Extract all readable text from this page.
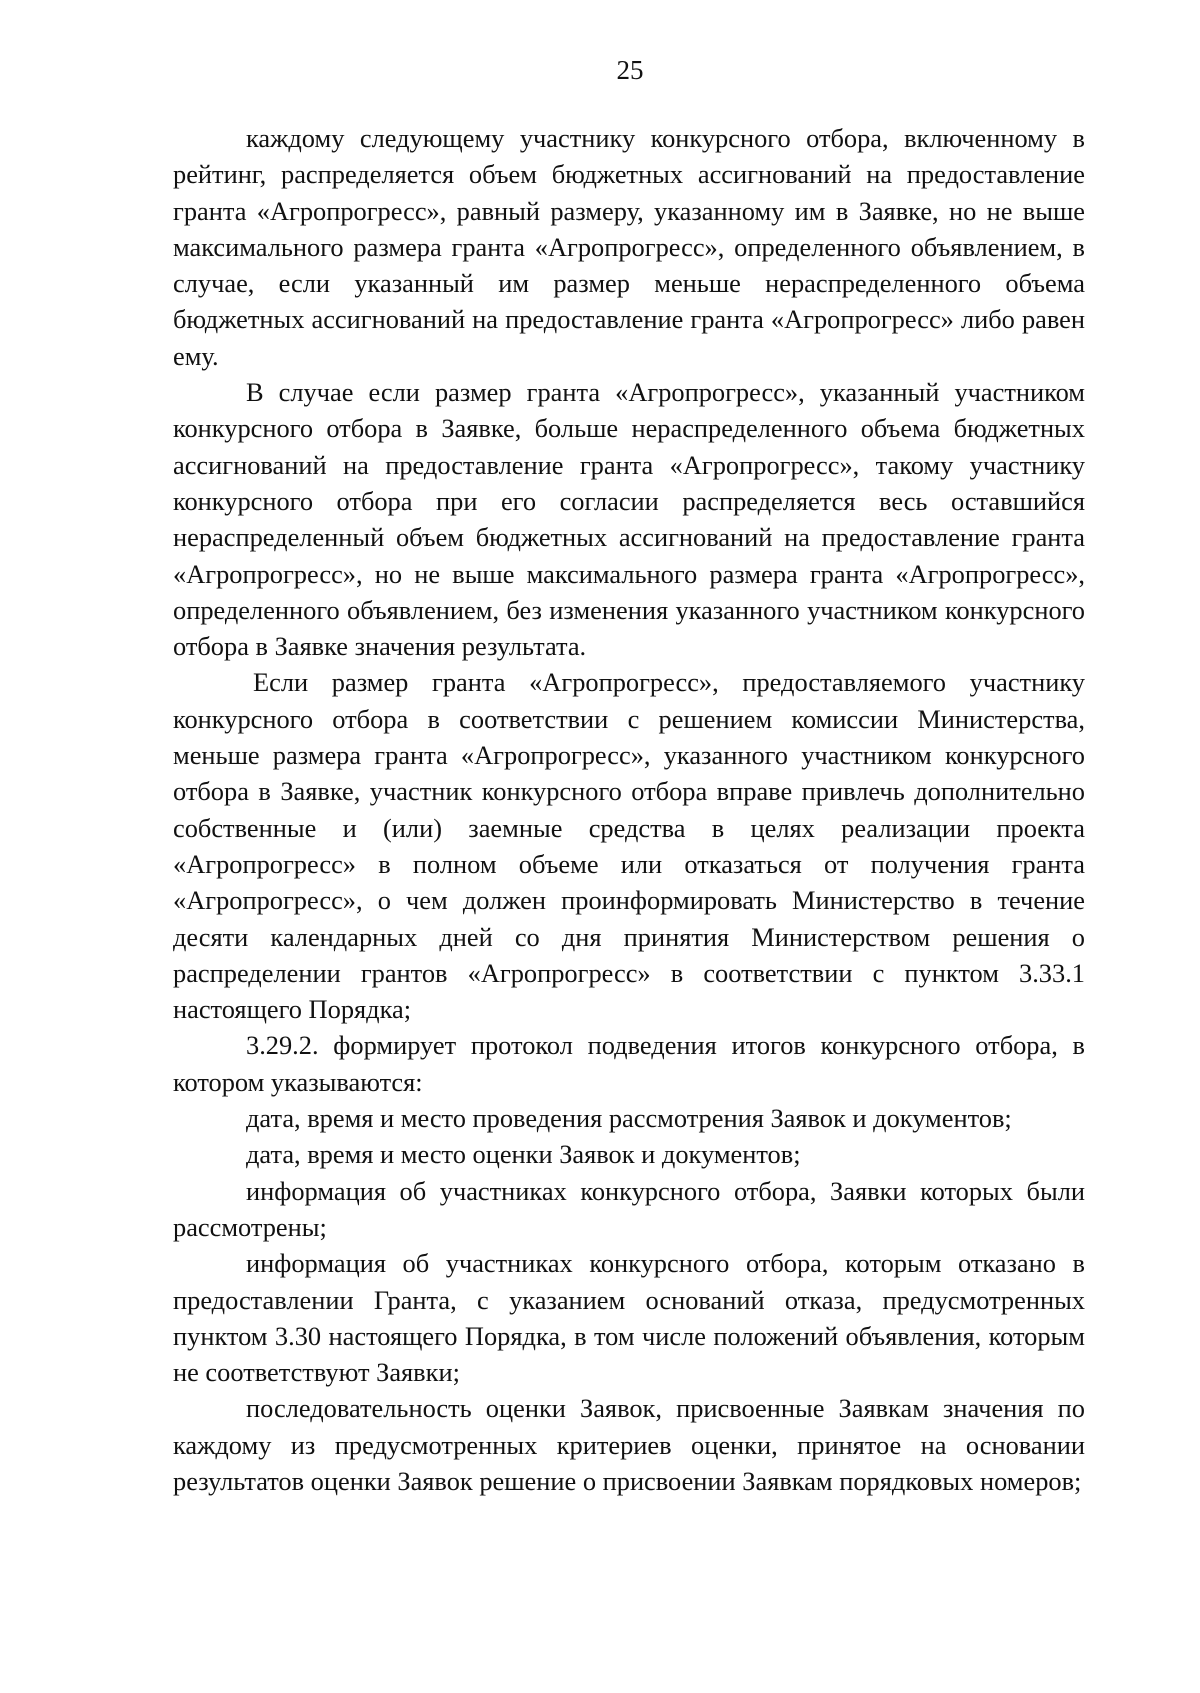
25

каждому следующему участнику конкурсного отбора, включенному в рейтинг, распределяется объем бюджетных ассигнований на предоставление гранта «Агропрогресс», равный размеру, указанному им в Заявке, но не выше максимального размера гранта «Агропрогресс», определенного объявлением, в случае, если указанный им размер меньше нераспределенного объема бюджетных ассигнований на предоставление гранта «Агропрогресс» либо равен ему.

В случае если размер гранта «Агропрогресс», указанный участником конкурсного отбора в Заявке, больше нераспределенного объема бюджетных ассигнований на предоставление гранта «Агропрогресс», такому участнику конкурсного отбора при его согласии распределяется весь оставшийся нераспределенный объем бюджетных ассигнований на предоставление гранта «Агропрогресс», но не выше максимального размера гранта «Агропрогресс», определенного объявлением, без изменения указанного участником конкурсного отбора в Заявке значения результата.

Если размер гранта «Агропрогресс», предоставляемого участнику конкурсного отбора в соответствии с решением комиссии Министерства, меньше размера гранта «Агропрогресс», указанного участником конкурсного отбора в Заявке, участник конкурсного отбора вправе привлечь дополнительно собственные и (или) заемные средства в целях реализации проекта «Агропрогресс» в полном объеме или отказаться от получения гранта «Агропрогресс», о чем должен проинформировать Министерство в течение десяти календарных дней со дня принятия Министерством решения о распределении грантов «Агропрогресс» в соответствии с пунктом 3.33.1 настоящего Порядка;

3.29.2. формирует протокол подведения итогов конкурсного отбора, в котором указываются:

дата, время и место проведения рассмотрения Заявок и документов;

дата, время и место оценки Заявок и документов;

информация об участниках конкурсного отбора, Заявки которых были рассмотрены;

информация об участниках конкурсного отбора, которым отказано в предоставлении Гранта, с указанием оснований отказа, предусмотренных пунктом 3.30 настоящего Порядка, в том числе положений объявления, которым не соответствуют Заявки;

последовательность оценки Заявок, присвоенные Заявкам значения по каждому из предусмотренных критериев оценки, принятое на основании результатов оценки Заявок решение о присвоении Заявкам порядковых номеров;
